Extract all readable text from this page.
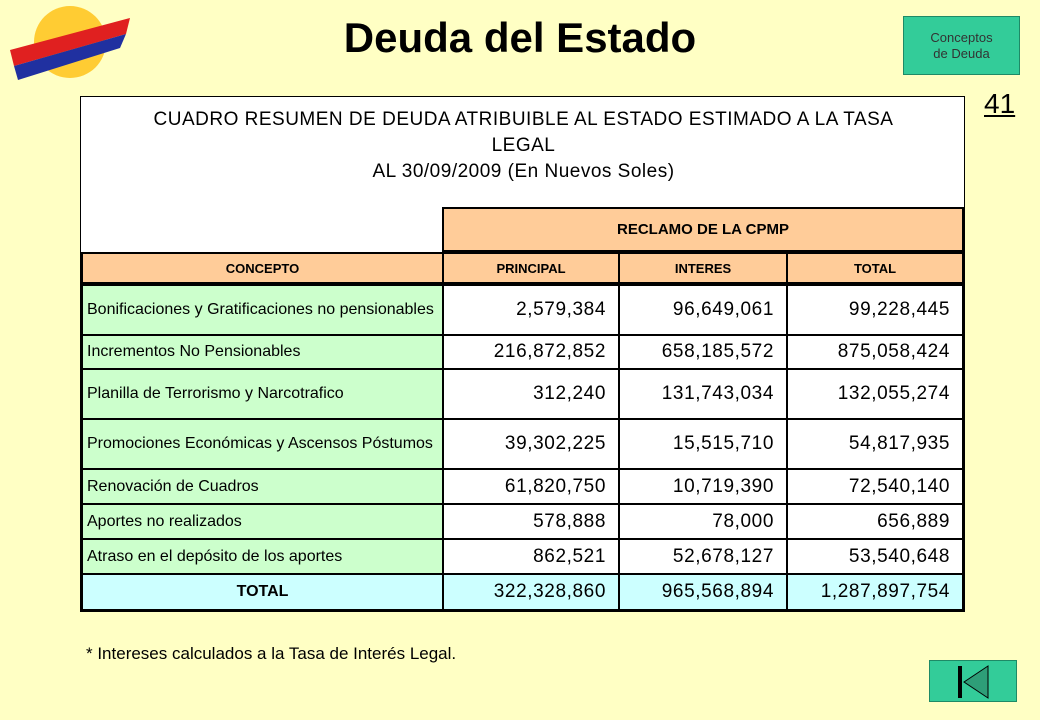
Deuda del Estado	Conceptos
de Deuda
41
CUADRO RESUMEN DE DEUDA ATRIBUIBLE AL ESTADO ESTIMADO A LA TASA
LEGAL
AL 30/09/2009 (En Nuevos Soles)
RECLAMO DE LA CPMP
CONCEPTO	PRINCIPAL	INTERES	TOTAL
Bonificaciones y Gratificaciones no pensionables	2,579,384	96,649,061	99,228,445
Incrementos No Pensionables	216,872,852	658,185,572	875,058,424
Planilla de Terrorismo y Narcotrafico	312,240	131,743,034	132,055,274
Promociones Económicas y Ascensos Póstumos	39,302,225	15,515,710	54,817,935
Renovación de Cuadros	61,820,750	10,719,390	72,540,140
Aportes no realizados	578,888	78,000	656,889
Atraso en el depósito de los aportes	862,521	52,678,127	53,540,648
TOTAL	322,328,860	965,568,894	1,287,897,754
* Intereses calculados a la Tasa de Interés Legal.
